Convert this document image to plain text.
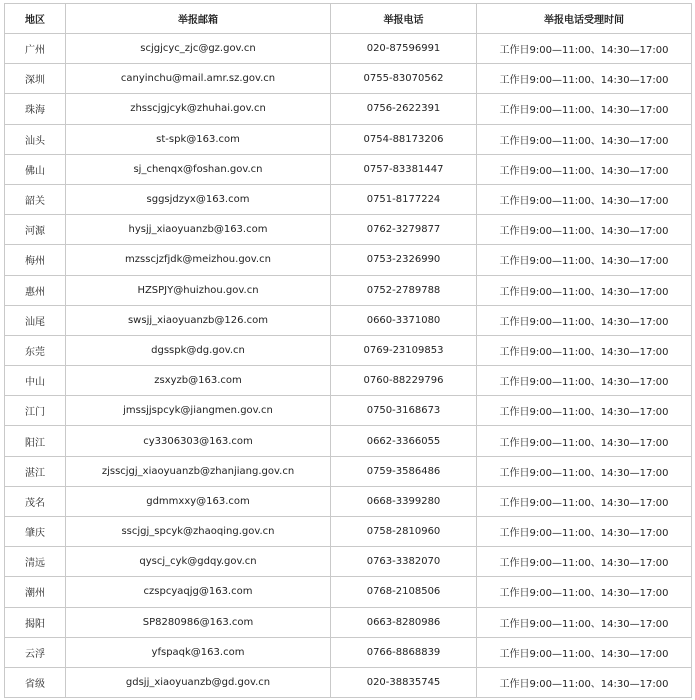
地区	举报邮箱	举报电话	举报电话受理时间
广州	scjgjcyc_zjc@gz.gov.cn	020-87596991	工作日9:00—11:00、14:30—17:00
深圳	canyinchu@mail.amr.sz.gov.cn	0755-83070562	工作日9:00—11:00、14:30—17:00
珠海	zhsscjgjcyk@zhuhai.gov.cn	0756-2622391	工作日9:00—11:00、14:30—17:00
汕头	st-spk@163.com	0754-88173206	工作日9:00—11:00、14:30—17:00
佛山	sj_chenqx@foshan.gov.cn	0757-83381447	工作日9:00—11:00、14:30—17:00
韶关	sggsjdzyx@163.com	0751-8177224	工作日9:00—11:00、14:30—17:00
河源	hysjj_xiaoyuanzb@163.com	0762-3279877	工作日9:00—11:00、14:30—17:00
梅州	mzsscjzfjdk@meizhou.gov.cn	0753-2326990	工作日9:00—11:00、14:30—17:00
惠州	HZSPJY@huizhou.gov.cn	0752-2789788	工作日9:00—11:00、14:30—17:00
汕尾	swsjj_xiaoyuanzb@126.com	0660-3371080	工作日9:00—11:00、14:30—17:00
东莞	dgsspk@dg.gov.cn	0769-23109853	工作日9:00—11:00、14:30—17:00
中山	zsxyzb@163.com	0760-88229796	工作日9:00—11:00、14:30—17:00
江门	jmssjjspcyk@jiangmen.gov.cn	0750-3168673	工作日9:00—11:00、14:30—17:00
阳江	cy3306303@163.com	0662-3366055	工作日9:00—11:00、14:30—17:00
湛江	zjsscjgj_xiaoyuanzb@zhanjiang.gov.cn	0759-3586486	工作日9:00—11:00、14:30—17:00
茂名	gdmmxxy@163.com	0668-3399280	工作日9:00—11:00、14:30—17:00
肇庆	sscjgj_spcyk@zhaoqing.gov.cn	0758-2810960	工作日9:00—11:00、14:30—17:00
清远	qyscj_cyk@gdqy.gov.cn	0763-3382070	工作日9:00—11:00、14:30—17:00
潮州	czspcyaqjg@163.com	0768-2108506	工作日9:00—11:00、14:30—17:00
揭阳	SP8280986@163.com	0663-8280986	工作日9:00—11:00、14:30—17:00
云浮	yfspaqk@163.com	0766-8868839	工作日9:00—11:00、14:30—17:00
省级	gdsjj_xiaoyuanzb@gd.gov.cn	020-38835745	工作日9:00—11:00、14:30—17:00
